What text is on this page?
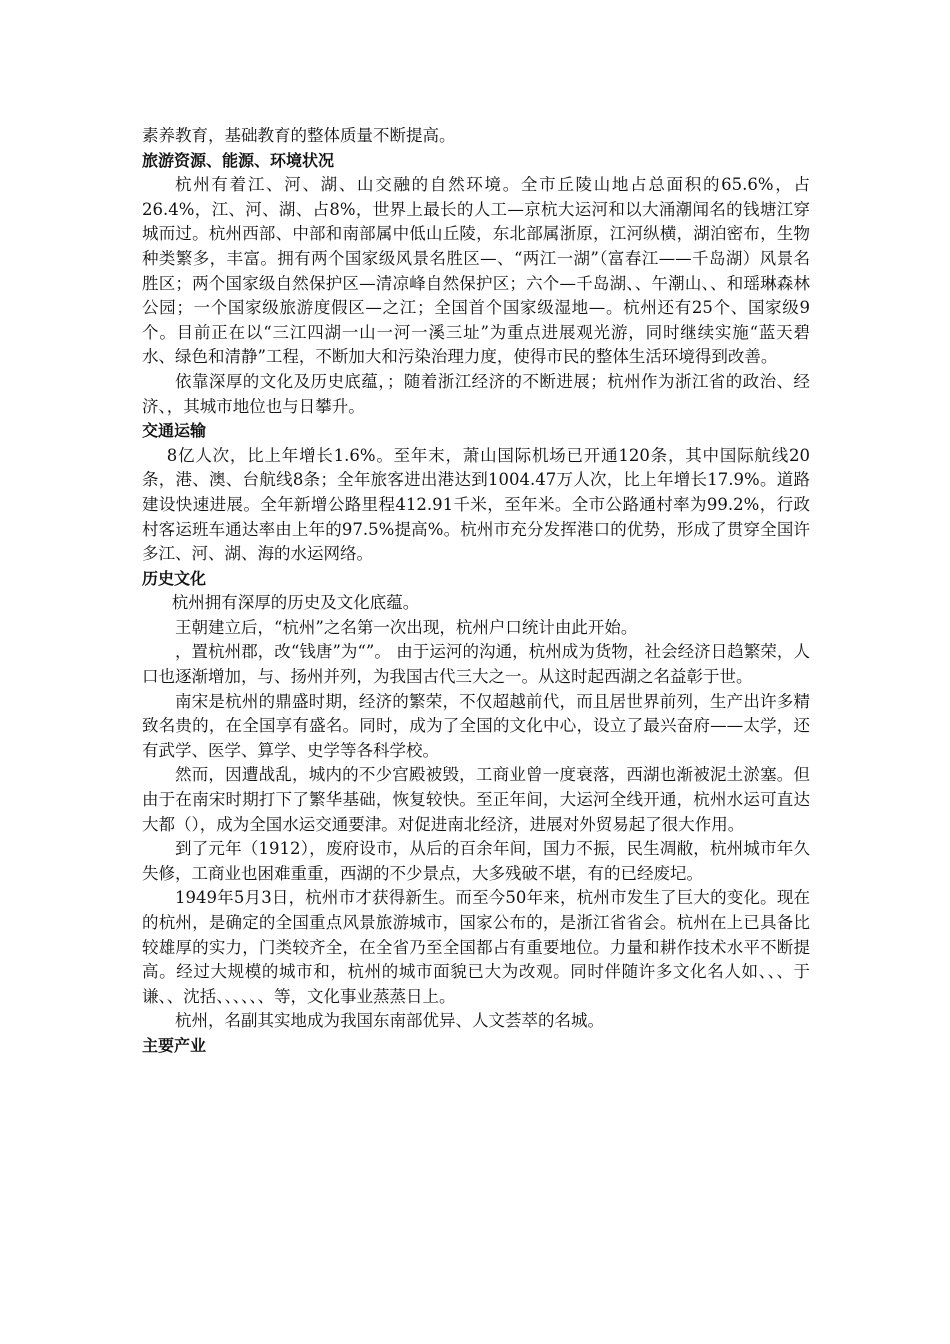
素养教育，基础教育的整体质量不断提高。

旅游资源、能源、环境状况

杭州有着江、河、湖、山交融的自然环境。全市丘陵山地占总面积的65.6%，占26.4%，江、河、湖、占8%，世界上最长的人工—京杭大运河和以大涌潮闻名的钱塘江穿城而过。杭州西部、中部和南部属中低山丘陵，东北部属浙原，江河纵横，湖泊密布，生物种类繁多，丰富。拥有两个国家级风景名胜区—、“两江一湖”（富春江——千岛湖）风景名胜区；两个国家级自然保护区—清凉峰自然保护区；六个—千岛湖、、午潮山、、和瑶琳森林公园；一个国家级旅游度假区—之江；全国首个国家级湿地—。杭州还有25个、国家级9个。目前正在以“三江四湖一山一河一溪三址”为重点进展观光游，同时继续实施“蓝天碧水、绿色和清静”工程，不断加大和污染治理力度，使得市民的整体生活环境得到改善。

依靠深厚的文化及历史底蕴，；随着浙江经济的不断进展；杭州作为浙江省的政治、经济、，其城市地位也与日攀升。

交通运输

8亿人次，比上年增长1.6%。至年末，萧山国际机场已开通120条，其中国际航线20条，港、澳、台航线8条；全年旅客进出港达到1004.47万人次，比上年增长17.9%。道路建设快速进展。全年新增公路里程412.91千米，至年米。全市公路通村率为99.2%，行政村客运班车通达率由上年的97.5%提高%。杭州市充分发挥港口的优势，形成了贯穿全国许多江、河、湖、海的水运网络。

历史文化

杭州拥有深厚的历史及文化底蕴。

王朝建立后，“杭州”之名第一次出现，杭州户口统计由此开始。

，置杭州郡，改“钱唐”为“”。 由于运河的沟通，杭州成为货物，社会经济日趋繁荣，人口也逐渐增加，与、扬州并列，为我国古代三大之一。从这时起西湖之名益彰于世。

南宋是杭州的鼎盛时期，经济的繁荣，不仅超越前代，而且居世界前列，生产出许多精致名贵的，在全国享有盛名。同时，成为了全国的文化中心，设立了最兴奋府——太学，还有武学、医学、算学、史学等各科学校。

然而，因遭战乱，城内的不少宫殿被毁，工商业曾一度衰落，西湖也渐被泥土淤塞。但由于在南宋时期打下了繁华基础，恢复较快。至正年间，大运河全线开通，杭州水运可直达大都（），成为全国水运交通要津。对促进南北经济，进展对外贸易起了很大作用。

到了元年（1912），废府设市，从后的百余年间，国力不振，民生凋敝，杭州城市年久失修，工商业也困难重重，西湖的不少景点，大多残破不堪，有的已经废圮。

1949年5月3日，杭州市才获得新生。而至今50年来，杭州市发生了巨大的变化。现在的杭州，是确定的全国重点风景旅游城市，国家公布的，是浙江省省会。杭州在上已具备比较雄厚的实力，门类较齐全，在全省乃至全国都占有重要地位。力量和耕作技术水平不断提高。经过大规模的城市和，杭州的城市面貌已大为改观。同时伴随许多文化名人如、、、于谦、、沈括、、、、、、等，文化事业蒸蒸日上。

杭州，名副其实地成为我国东南部优异、人文荟萃的名城。

主要产业
